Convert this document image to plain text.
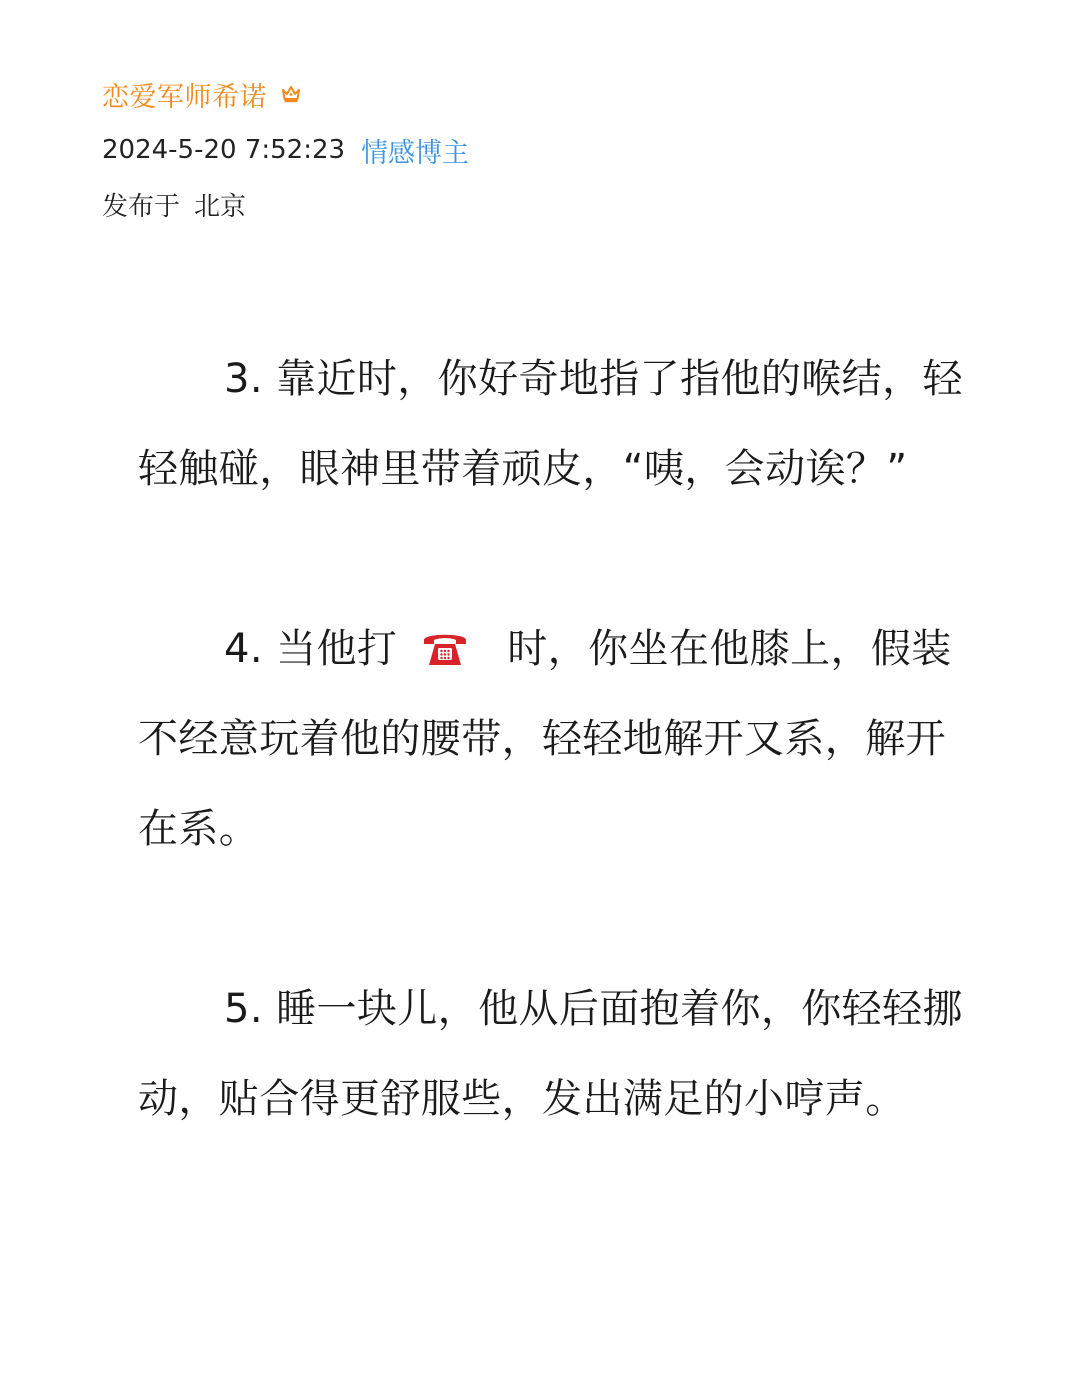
恋爱军师希诺
2024-5-20 7:52:23 情感博主
发布于 北京

3. 靠近时，你好奇地指了指他的喉结，轻轻触碰，眼神里带着顽皮，“咦，会动诶？”

4. 当他打	时，你坐在他膝上，假装不经意玩着他的腰带，轻轻地解开又系，解开在系。

5. 睡一块儿，他从后面抱着你，你轻轻挪动，贴合得更舒服些，发出满足的小哼声。
